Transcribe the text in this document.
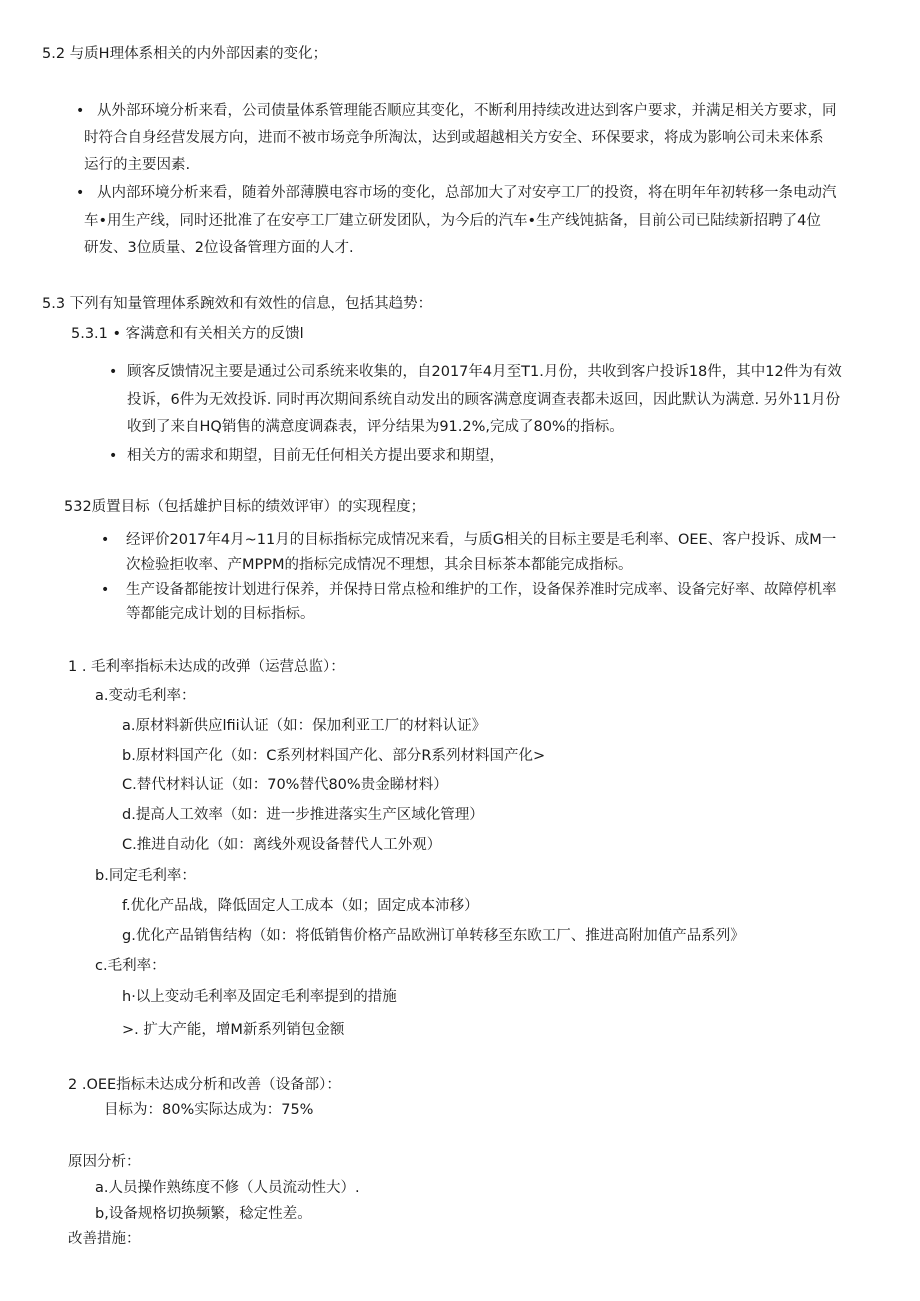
5.2 与质H理体系相关的内外部因素的变化；
• 从外部环境分析来看，公司债量体系管理能否顺应其变化，不断利用持续改进达到客户要求，并满足相关方要求，同
时符合自身经营发展方向，进而不被市场竞争所淘汰，达到或超越相关方安全、环保要求，将成为影响公司未来体系
运行的主要因素.
• 从内部环境分析来看，随着外部薄膜电容市场的变化，总部加大了对安亭工厂的投资，将在明年年初转移一条电动汽
车•用生产线，同时还批准了在安亭工厂建立研发团队，为今后的汽车•生产线饨掂备，目前公司已陆续新招聘了4位
研发、3位质量、2位设备管理方面的人才.
5.3 下列有知量管理体系踠效和有效性的信息，包括其趋势：
5.3.1 • 客满意和有关相关方的反馈l
• 顾客反馈情况主要是通过公司系统来收集的，自2017年4月至T1.月份，共收到客户投诉18件，其中12件为有效
投诉，6件为无效投诉. 同时再次期间系统自动发出的顾客满意度调查表都未返回，因此默认为满意. 另外11月份
收到了来自HQ销售的满意度调森表，评分结果为91.2%,完成了80%的指标。
• 相关方的需求和期望，目前无任何相关方提出要求和期望，
532质置目标（包括雄护目标的绩效评审）的实现程度；
• 经评价2017年4月~11月的目标指标完成情况来看，与质G相关的目标主要是毛利率、OEE、客户投诉、成M一
次检验拒收率、产MPPM的指标完成情况不理想，其余目标茶本都能完成指标。
• 生产设备都能按计划进行保养，并保持日常点检和维护的工作，设备保养准时完成率、设备完好率、故障停机率
等都能完成计划的目标指标。
1 . 毛利率指标未达成的改弹（运营总监）：
a.变动毛利率：
a.原材料新供应lfii认证（如：保加利亚工厂的材料认证》
b.原材料国产化（如：C系列材料国产化、部分R系列材料国产化>
C.替代材料认证（如：70%替代80%贵金睇材料）
d.提高人工效率（如：进一步推进落实生产区域化管理）
C.推进自动化（如：离线外观设备替代人工外观）
b.同定毛利率：
f.优化产品战，降低固定人工成本（如；固定成本沛移）
g.优化产品销售结构（如：将低销售价格产品欧洲订单转移至东欧工厂、推进高附加值产品系列》
c.毛利率：
h·以上变动毛利率及固定毛利率提到的措施
>. 扩大产能，增M新系列销包金额
2 .OEE指标未达成分析和改善（设备部）：
目标为：80%实际达成为：75%
原因分析：
a.人员操作熟练度不修（人员流动性大）.
b,设备规格切换频繁，稔定性差。
改善措施：
